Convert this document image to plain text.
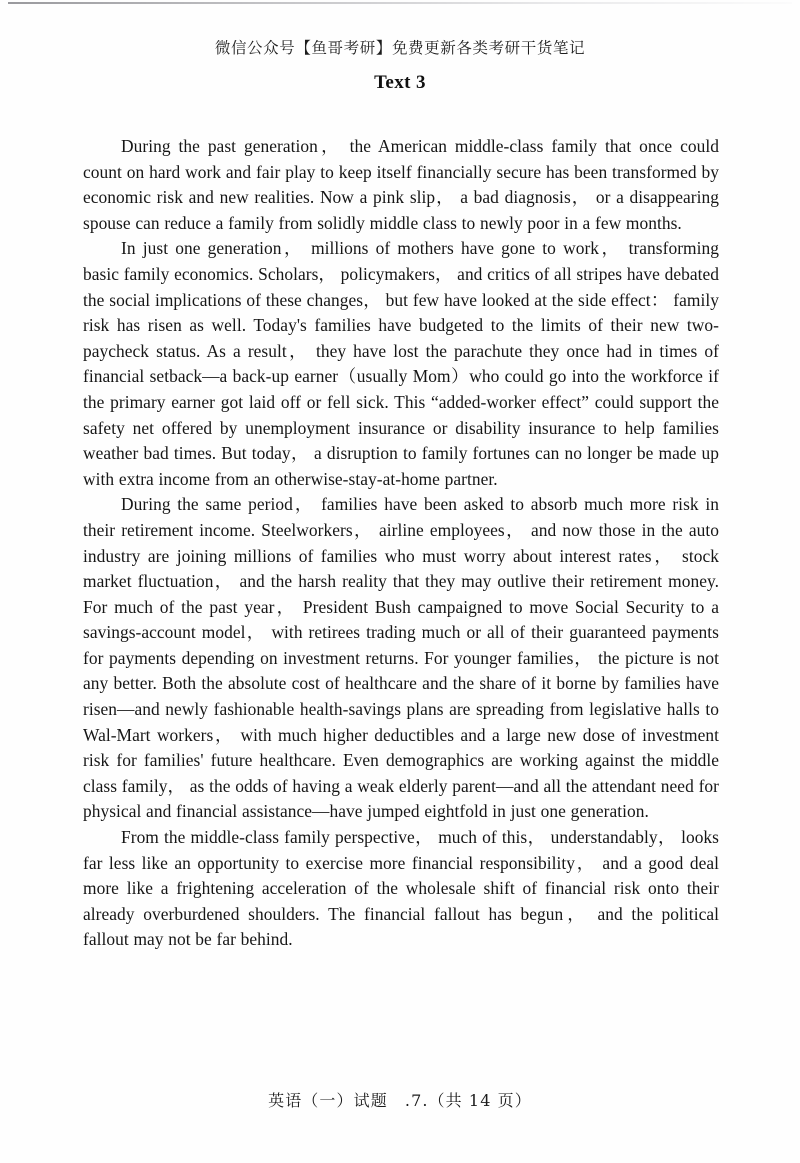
微信公众号【鱼哥考研】免费更新各类考研干货笔记
Text 3

During the past generation， the American middle-class family that once could count on hard work and fair play to keep itself financially secure has been transformed by economic risk and new realities. Now a pink slip， a bad diagnosis， or a disappearing spouse can reduce a family from solidly middle class to newly poor in a few months.

In just one generation， millions of mothers have gone to work， transforming basic family economics. Scholars， policymakers， and critics of all stripes have debated the social implications of these changes， but few have looked at the side effect： family risk has risen as well. Today's families have budgeted to the limits of their new two-paycheck status. As a result， they have lost the parachute they once had in times of financial setback—a back-up earner（usually Mom）who could go into the workforce if the primary earner got laid off or fell sick. This “added-worker effect” could support the safety net offered by unemployment insurance or disability insurance to help families weather bad times. But today， a disruption to family fortunes can no longer be made up with extra income from an otherwise-stay-at-home partner.

During the same period， families have been asked to absorb much more risk in their retirement income. Steelworkers， airline employees， and now those in the auto industry are joining millions of families who must worry about interest rates， stock market fluctuation， and the harsh reality that they may outlive their retirement money. For much of the past year， President Bush campaigned to move Social Security to a savings-account model， with retirees trading much or all of their guaranteed payments for payments depending on investment returns. For younger families， the picture is not any better. Both the absolute cost of healthcare and the share of it borne by families have risen—and newly fashionable health-savings plans are spreading from legislative halls to Wal-Mart workers， with much higher deductibles and a large new dose of investment risk for families' future healthcare. Even demographics are working against the middle class family， as the odds of having a weak elderly parent—and all the attendant need for physical and financial assistance—have jumped eightfold in just one generation.

From the middle-class family perspective， much of this， understandably， looks far less like an opportunity to exercise more financial responsibility， and a good deal more like a frightening acceleration of the wholesale shift of financial risk onto their already overburdened shoulders. The financial fallout has begun， and the political fallout may not be far behind.

英语（一）试题　.7.（共 14 页）
